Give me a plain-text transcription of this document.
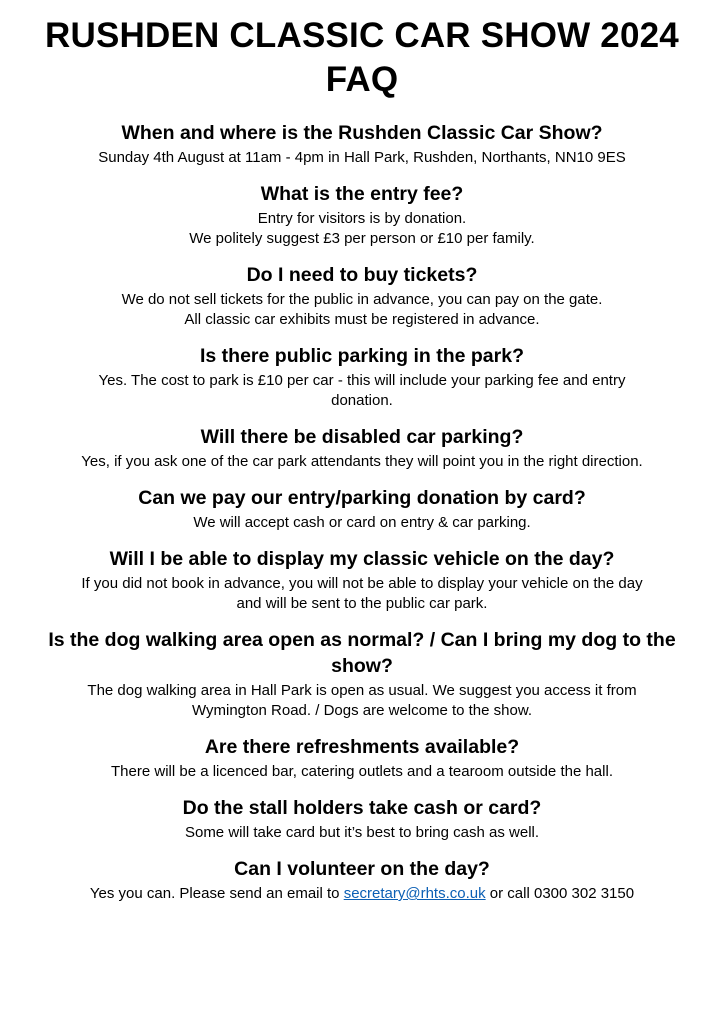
RUSHDEN CLASSIC CAR SHOW 2024
FAQ
When and where is the Rushden Classic Car Show?

Sunday 4th August at 11am - 4pm in Hall Park, Rushden, Northants, NN10 9ES

What is the entry fee?

Entry for visitors is by donation.
We politely suggest £3 per person or £10 per family.

Do I need to buy tickets?

We do not sell tickets for the public in advance, you can pay on the gate.
All classic car exhibits must be registered in advance.

Is there public parking in the park?

Yes. The cost to park is £10 per car - this will include your parking fee and entry
donation.

Will there be disabled car parking?

Yes, if you ask one of the car park attendants they will point you in the right direction.

Can we pay our entry/parking donation by card?

We will accept cash or card on entry & car parking.

Will I be able to display my classic vehicle on the day?

If you did not book in advance, you will not be able to display your vehicle on the day
and will be sent to the public car park.

Is the dog walking area open as normal? / Can I bring my dog to the show?

The dog walking area in Hall Park is open as usual. We suggest you access it from
Wymington Road. / Dogs are welcome to the show.

Are there refreshments available?

There will be a licenced bar, catering outlets and a tearoom outside the hall.

Do the stall holders take cash or card?

Some will take card but it’s best to bring cash as well.

Can I volunteer on the day?

Yes you can. Please send an email to secretary@rhts.co.uk or call 0300 302 3150
